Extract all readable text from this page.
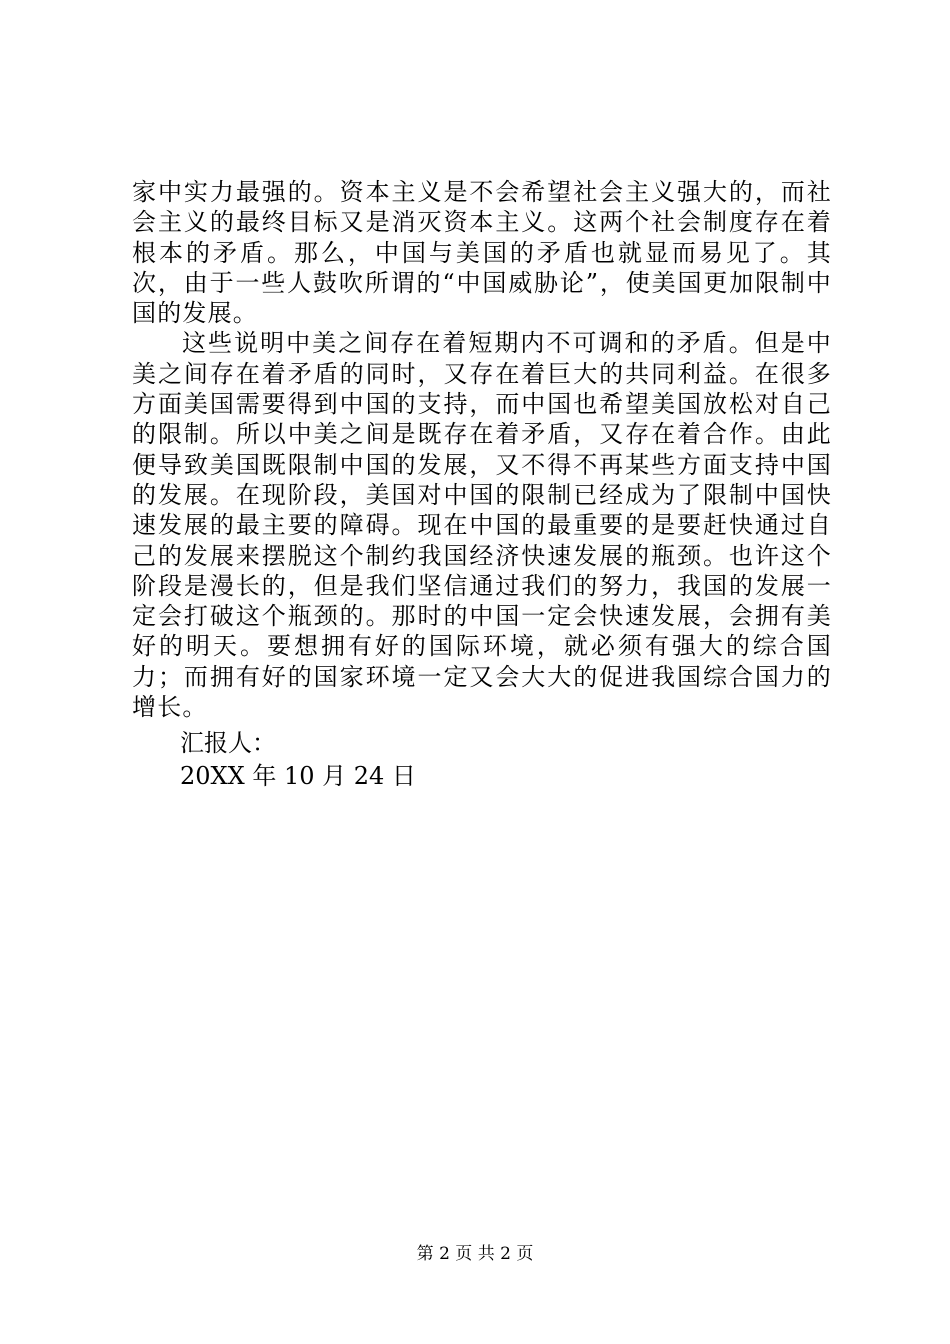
家中实力最强的。资本主义是不会希望社会主义强大的，而社会主义的最终目标又是消灭资本主义。这两个社会制度存在着根本的矛盾。那么，中国与美国的矛盾也就显而易见了。其次，由于一些人鼓吹所谓的“中国威胁论”，使美国更加限制中国的发展。

这些说明中美之间存在着短期内不可调和的矛盾。但是中美之间存在着矛盾的同时，又存在着巨大的共同利益。在很多方面美国需要得到中国的支持，而中国也希望美国放松对自己的限制。所以中美之间是既存在着矛盾，又存在着合作。由此便导致美国既限制中国的发展，又不得不再某些方面支持中国的发展。在现阶段，美国对中国的限制已经成为了限制中国快速发展的最主要的障碍。现在中国的最重要的是要赶快通过自己的发展来摆脱这个制约我国经济快速发展的瓶颈。也许这个阶段是漫长的，但是我们坚信通过我们的努力，我国的发展一定会打破这个瓶颈的。那时的中国一定会快速发展，会拥有美好的明天。要想拥有好的国际环境，就必须有强大的综合国力；而拥有好的国家环境一定又会大大的促进我国综合国力的增长。

汇报人：

20XX 年 10 月 24 日

第 2 页 共 2 页
